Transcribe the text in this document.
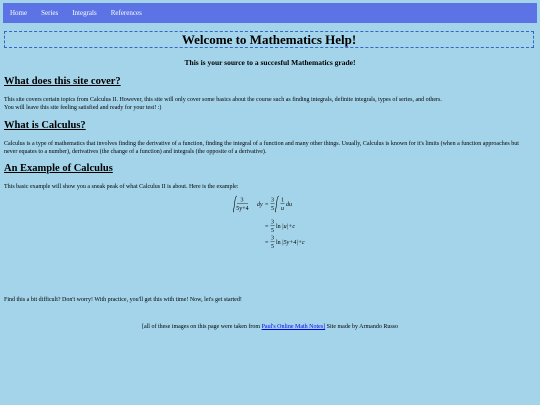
Home Series Integrals References
Welcome to Mathematics Help!
This is your source to a succesful Mathematics grade!
What does this site cover?

This site covers certain topics from Calculus II. However, this site will only cover some basics about the course such as finding integrals, definite integrals, types of series, and others.
You will leave this site feeling satisfied and ready for your test! :)

What is Calculus?

Calculus is a type of mathematics that involves finding the derivative of a function, finding the integral of a function and many other things. Usually, Calculus is known for it's limits (when a function approaches but never equates to a number), derivatives (the change of a function) and integrals (the opposite of a derivative).

An Example of Calculus

This basic example will show you a sneak peak of what Calculus II is about. Here is the example:

3
5y+4
dy =
3
5
1
u
du
=
3
5
ln |u|+c
=
3
5
ln |5y+4|+c

Find this a bit difficult? Don't worry! With practice, you'll get this with time! Now, let's get started!

[all of these images on this page were taken from Paul's Online Math Notes] Site made by Armando Russo
